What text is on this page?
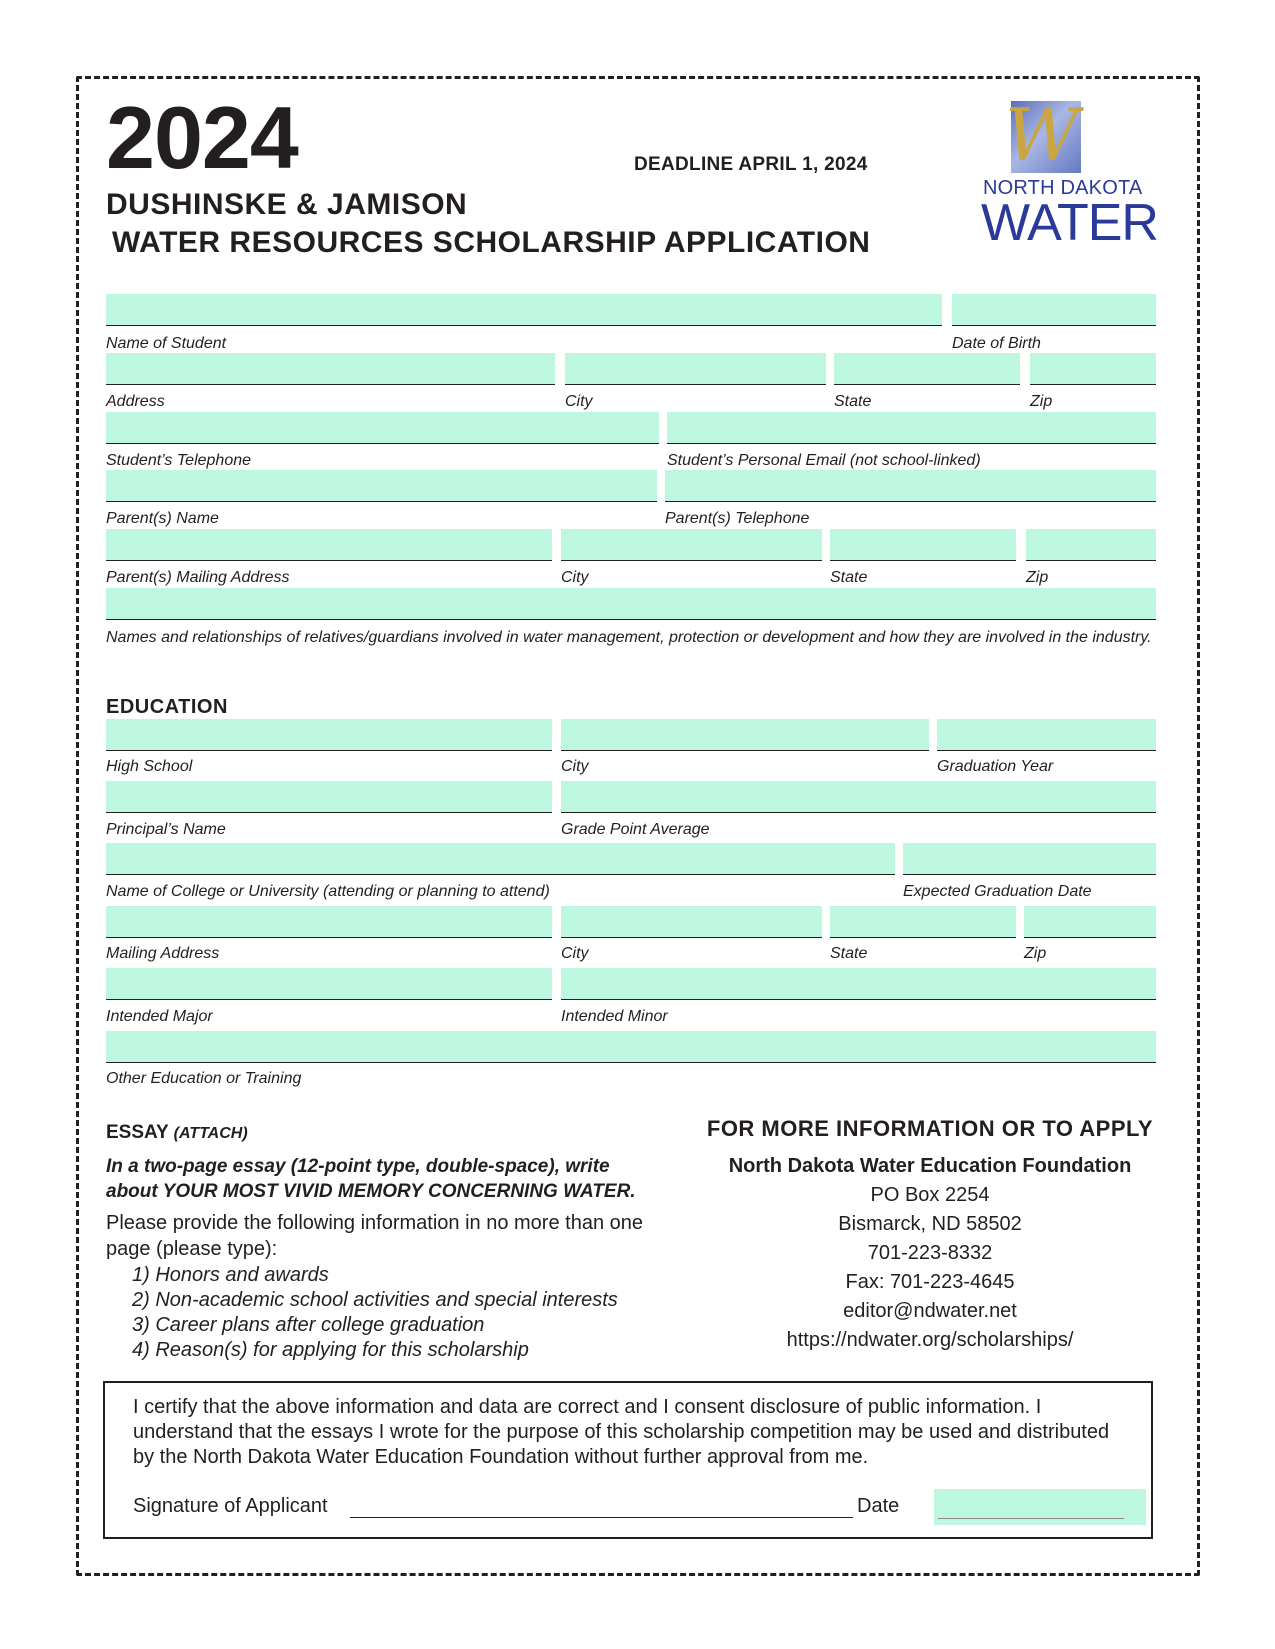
2024	DEADLINE APRIL 1, 2024
DUSHINSKE & JAMISON
WATER RESOURCES SCHOLARSHIP APPLICATION
W
NORTH DAKOTA
WATER
Name of Student	Date of Birth
Address	City	State	Zip
Student’s Telephone	Student’s Personal Email (not school-linked)
Parent(s) Name	Parent(s) Telephone
Parent(s) Mailing Address	City	State	Zip
Names and relationships of relatives/guardians involved in water management, protection or development and how they are involved in the industry.
EDUCATION
High School	City	Graduation Year
Principal’s Name	Grade Point Average
Name of College or University (attending or planning to attend)	Expected Graduation Date
Mailing Address	City	State	Zip
Intended Major	Intended Minor
Other Education or Training
ESSAY (ATTACH)
In a two-page essay (12-point type, double-space), write about YOUR MOST VIVID MEMORY CONCERNING WATER.
Please provide the following information in no more than one page (please type):
1) Honors and awards
2) Non-academic school activities and special interests
3) Career plans after college graduation
4) Reason(s) for applying for this scholarship
FOR MORE INFORMATION OR TO APPLY
North Dakota Water Education Foundation
PO Box 2254
Bismarck, ND 58502
701-223-8332
Fax: 701-223-4645
editor@ndwater.net
https://ndwater.org/scholarships/
I certify that the above information and data are correct and I consent disclosure of public information. I understand that the essays I wrote for the purpose of this scholarship competition may be used and distributed by the North Dakota Water Education Foundation without further approval from me.
Signature of Applicant	Date
